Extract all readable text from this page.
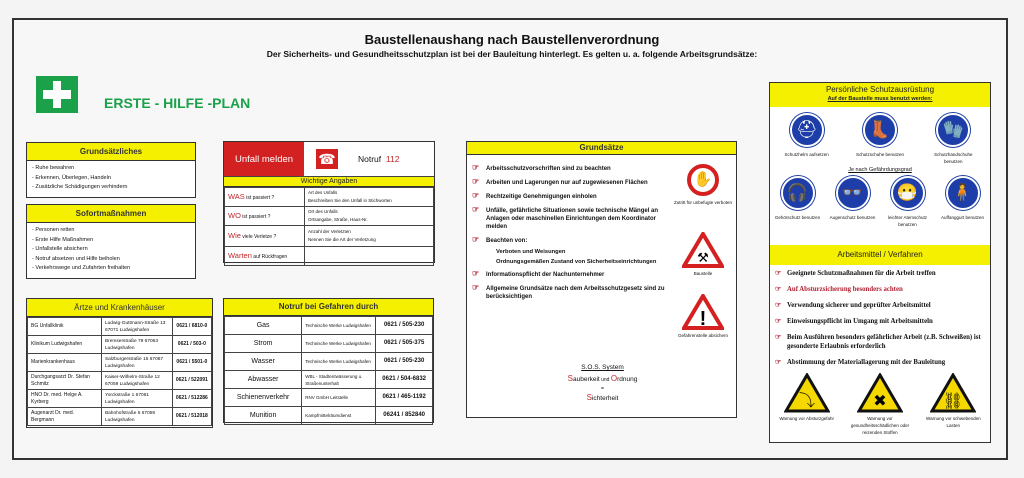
Baustellenaushang nach Baustellenverordnung
Der Sicherheits- und Gesundheitsschutzplan ist bei der Bauleitung hinterlegt. Es gelten u. a. folgende Arbeitsgrundsätze:
ERSTE - HILFE -PLAN
Grundsätzliches
- Ruhe bewahren
- Erkennen, Überlegen, Handeln
- Zusätzliche Schädigungen verhindern
Sofortmaßnahmen
- Personen retten
- Erste Hilfe Maßnahmen
- Unfallstelle absichern
- Notruf absetzen und Hilfe beiholen
- Verkehrswege und Zufahrten freihalten
Unfall melden	☎	Notruf 112
Wichtige Angaben
WAS ist passiert ?	Art des Unfalls
Beschreiben Sie den Unfall in Stichworten

WO ist passiert ?	Ort des Unfalls
Ortsangabe, Straße, Haus-Nr.

Wie viele Verletze ?	Anzahl der Verletzten
Nennen Sie die Art der Verletzung

Warten auf Rückfragen	
Ärtze und Krankenhäuser
BG Unfallklinik	Ludwig-Guttmann-Straße 13 67071 Ludwigshafen	0621 / 6810-0
Klinikum Ludwigshafen	Bremserstraße 79 67063 Ludwigshafen	0621 / 503-0
Marienkrankenhaus	Salzburgerstraße 15 67067 Ludwigshafen	0621 / 5501-0
Durchgangsarzt Dr. Stefan Schmitz	Kaiser-Wilhelm-Straße 12 67059 Ludwigshafen	0621 / 522091
HNO Dr. med. Helge A. Kyrberg	Yorckstraße 1 67061 Ludwigshafen	0621 / 512286
Augenarzt Dr. med. Bergmann	Bahnhofstraße 5 67059 Ludwigshafen	0621 / 512018
Notruf bei Gefahren durch
Gas	Technische Werke Ludwigshafen	0621 / 505-230
Strom	Technische Werke Ludwigshafen	0621 / 505-375
Wasser	Technische Werke Ludwigshafen	0621 / 505-230
Abwasser	WBL - Stadtentwässerung u. Straßenunterhalt	0621 / 504-6832
Schienenverkehr	RNV GmbH Leitstelle	0621 / 465-1192
Munition	Kampfmittelräumdienst	06241 / 852840
Grundsätze
☞ Arbeitsschutzvorschriften sind zu beachten
☞ Arbeiten und Lagerungen nur auf zugewiesenen Flächen
☞ Rechtzeitige Genehmigungen einholen
☞ Unfälle, gefährliche Situationen sowie technische Mängel an Anlagen oder maschinellen Einrichtungen dem Koordinator melden
☞ Beachten von:
Verboten und Weisungen
Ordnungsgemäßen Zustand von Sicherheitseinrichtungen
☞ Informationspflicht der Nachunternehmer
☞ Allgemeine Grundsätze nach dem Arbeitsschutzgesetz sind zu berücksichtigen
S.O.S. System
Sauberkeit und Ordnung
=
Sichterheit
✋
Zutritt für unbefugte verboten
⚒
Baustelle
!
Gefahrenstelle absichern
Persönliche Schutzausrüstung
Auf der Baustelle muss benutzt werden:
⛑
Schutzhelm aufsetzen
👢
Schutzschuhe benutzen
🧤
Schutzhandschuhe benutzen
Je nach Gefährdungsgrad
🎧
Gehörschutz benutzen
👓
Augenschutz benutzen
😷
leichter Atemschutz benutzen
🧍
Auffanggurt benutzen
Arbeitsmittel / Verfahren
☞ Geeignete Schutzmaßnahmen für die Arbeit treffen
☞ Auf Absturzsicherung besonders achten
☞ Verwendung sicherer und geprüfter Arbeitsmittel
☞ Einweisungspflicht im Umgang mit Arbeitsmitteln
☞ Beim Ausführen besonders gefährlicher Arbeit (z.B. Schweißen) ist gesonderte Erlaubnis erforderlich
☞ Abstimmung der Materiallagerung mit der Bauleitung
⤵
Warnung vor Absturzgefahr
✖
Warnung vor gesundheitsschädlichen oder reizenden Stoffen
⛓
Warnung vor schwebenden Lasten
